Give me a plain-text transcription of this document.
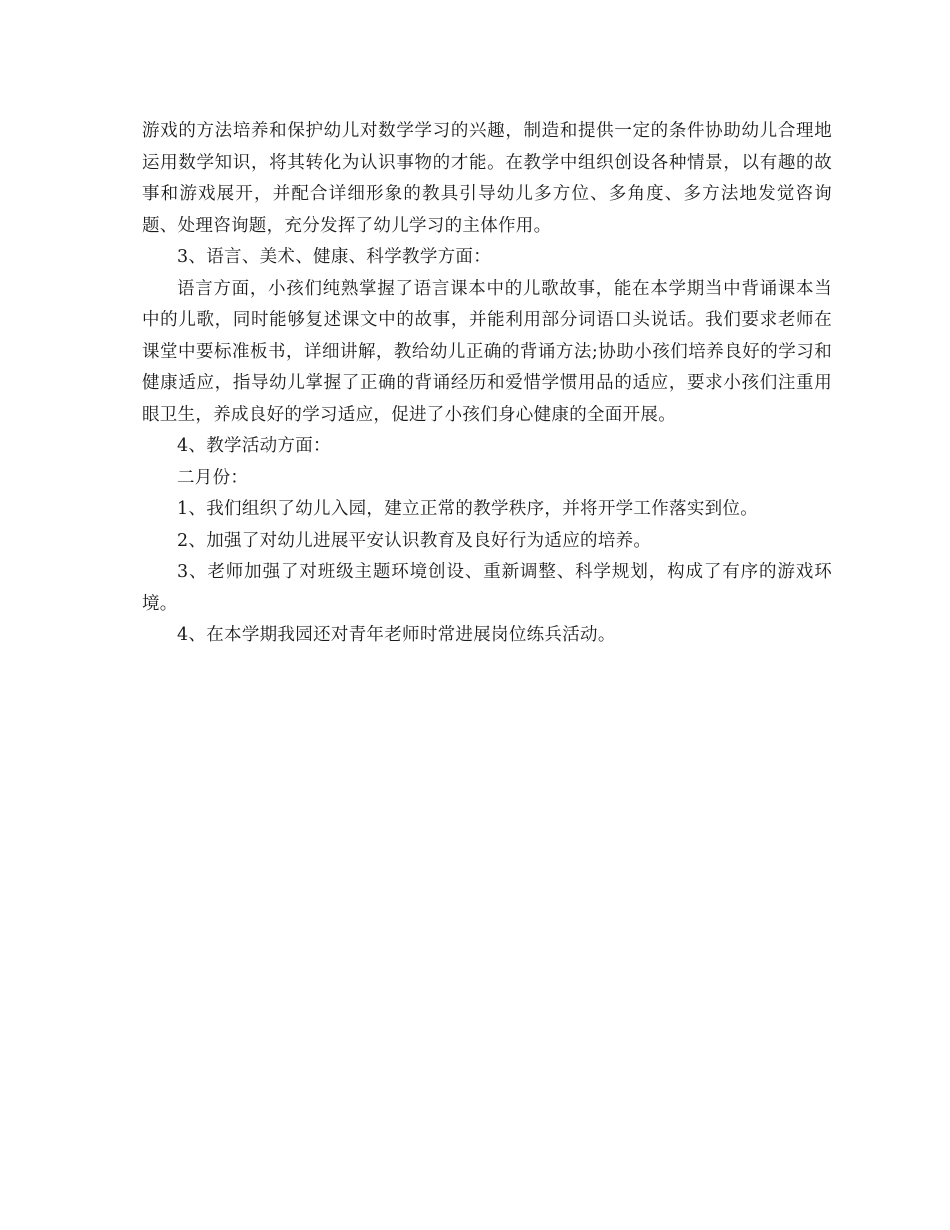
游戏的方法培养和保护幼儿对数学学习的兴趣，制造和提供一定的条件协助幼儿合理地运用数学知识，将其转化为认识事物的才能。在教学中组织创设各种情景，以有趣的故事和游戏展开，并配合详细形象的教具引导幼儿多方位、多角度、多方法地发觉咨询题、处理咨询题，充分发挥了幼儿学习的主体作用。

3、语言、美术、健康、科学教学方面：

语言方面，小孩们纯熟掌握了语言课本中的儿歌故事，能在本学期当中背诵课本当中的儿歌，同时能够复述课文中的故事，并能利用部分词语口头说话。我们要求老师在课堂中要标准板书，详细讲解，教给幼儿正确的背诵方法;协助小孩们培养良好的学习和健康适应，指导幼儿掌握了正确的背诵经历和爱惜学惯用品的适应，要求小孩们注重用眼卫生，养成良好的学习适应，促进了小孩们身心健康的全面开展。

4、教学活动方面：

二月份：

1、我们组织了幼儿入园，建立正常的教学秩序，并将开学工作落实到位。

2、加强了对幼儿进展平安认识教育及良好行为适应的培养。

3、老师加强了对班级主题环境创设、重新调整、科学规划，构成了有序的游戏环境。

4、在本学期我园还对青年老师时常进展岗位练兵活动。
